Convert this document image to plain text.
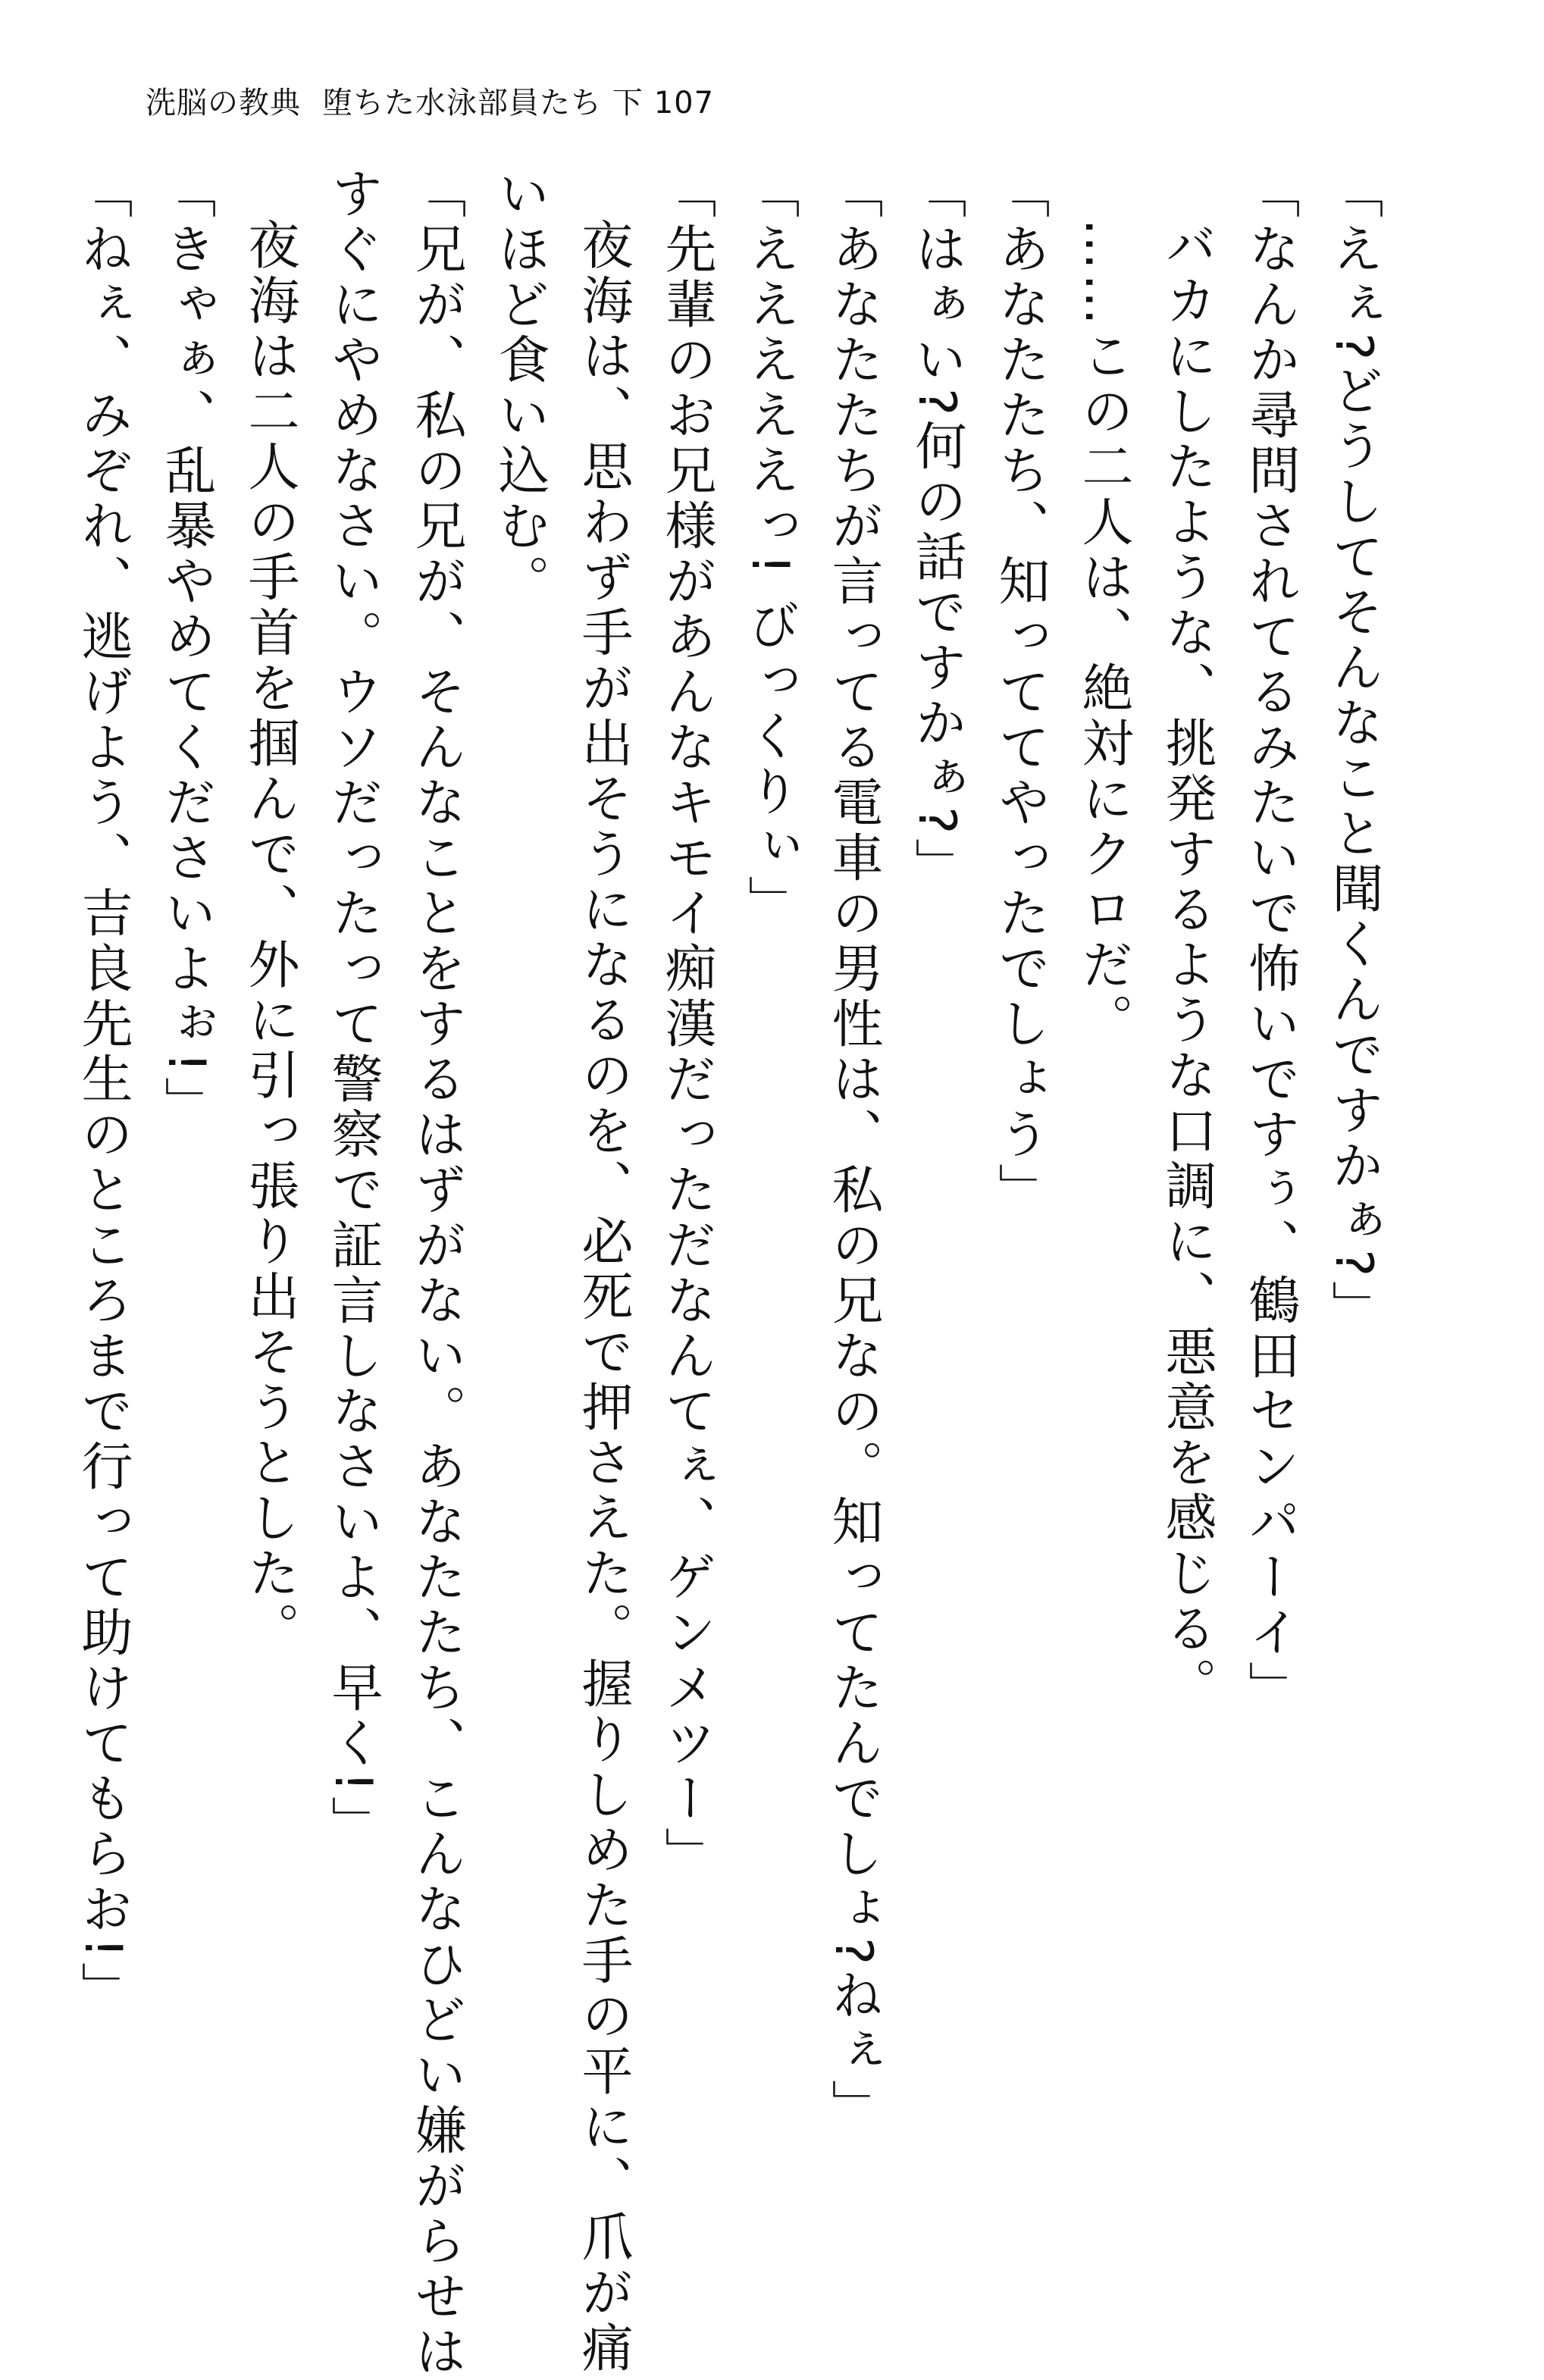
洗脳の教典 堕ちた水泳部員たち 下 107
「えぇ?どうしてそんなこと聞くんですかぁ?」
「なんか尋問されてるみたいで怖いですぅ、鶴田センパーイ」
バカにしたような、挑発するような口調に、悪意を感じる。
……この二人は、絶対にクロだ。
「あなたたち、知っててやったでしょう」
「はぁい?何の話ですかぁ?」
「あなたたちが言ってる電車の男性は、私の兄なの。知ってたんでしょ?ねぇ」
「えええええっ! びっくりぃ」
「先輩のお兄様があんなキモイ痴漢だっただなんてぇ、ゲンメツー」
夜海は、思わず手が出そうになるのを、必死で押さえた。握りしめた手の平に、爪が痛
いほど食い込む。
「兄が、私の兄が、そんなことをするはずがない。あなたたち、こんなひどい嫌がらせは
すぐにやめなさい。ウソだったって警察で証言しなさいよ、早く!」
夜海は二人の手首を掴んで、外に引っ張り出そうとした。
「きゃぁ、乱暴やめてくださいよぉ!」
「ねぇ、みぞれ、逃げよう、吉良先生のところまで行って助けてもらお!」
